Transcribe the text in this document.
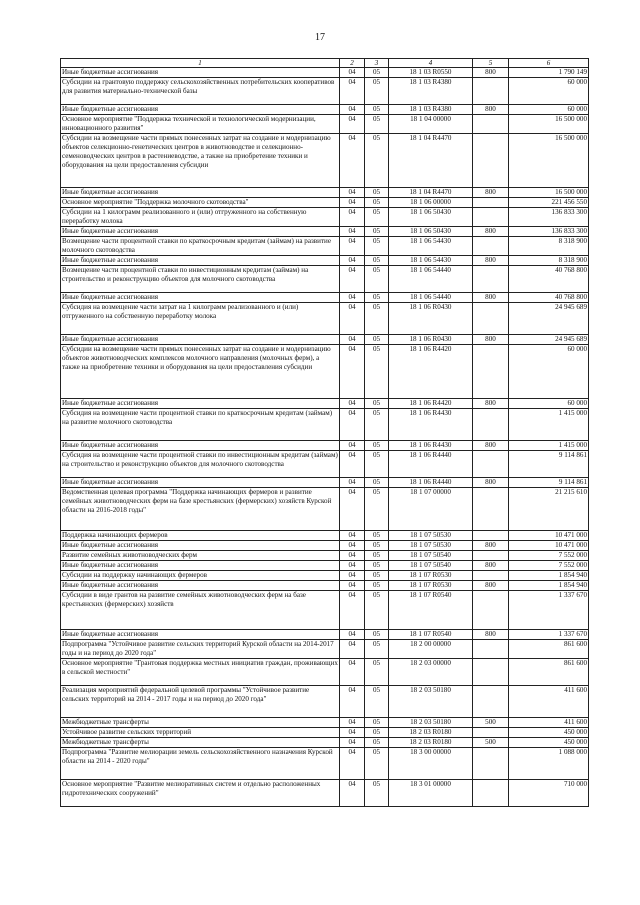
17
1	2	3	4	5	6
Иные бюджетные ассигнования	04	05	18 1 03 R0550	800	1 790 149
Субсидии на грантовую поддержку сельскохозяйственных потребительских кооперативов для развития материально-технической базы	04	05	18 1 03 R4380		60 000
Иные бюджетные ассигнования	04	05	18 1 03 R4380	800	60 000
Основное мероприятие "Поддержка технической и технологической модернизации, инновационного развития"	04	05	18 1 04 00000		16 500 000
Субсидии на возмещение части прямых понесенных затрат на создание и модернизацию объектов селекционно-генетических центров в животноводстве и селекционно-семеноводческих центров в растениеводстве, а также на приобретение техники и оборудования на цели предоставления субсидии	04	05	18 1 04 R4470		16 500 000
Иные бюджетные ассигнования	04	05	18 1 04 R4470	800	16 500 000
Основное мероприятие "Поддержка молочного скотоводства"	04	05	18 1 06 00000		221 456 550
Субсидии на 1 килограмм реализованного и (или) отгруженного на собственную переработку молока	04	05	18 1 06 50430		136 833 300
Иные бюджетные ассигнования	04	05	18 1 06 50430	800	136 833 300
Возмещение части процентной ставки по краткосрочным кредитам (займам) на развитие молочного скотоводства	04	05	18 1 06 54430		8 318 900
Иные бюджетные ассигнования	04	05	18 1 06 54430	800	8 318 900
Возмещение части процентной ставки по инвестиционным кредитам (займам) на строительство и реконструкцию объектов для молочного скотоводства	04	05	18 1 06 54440		40 768 800
Иные бюджетные ассигнования	04	05	18 1 06 54440	800	40 768 800
Субсидия на возмещение части затрат на 1 килограмм реализованного и (или) отгруженного на собственную переработку молока	04	05	18 1 06 R0430		24 945 689
Иные бюджетные ассигнования	04	05	18 1 06 R0430	800	24 945 689
Субсидии на возмещение части прямых понесенных затрат на создание и модернизацию объектов животноводческих комплексов молочного направления (молочных ферм), а также на приобретение техники и оборудования на цели предоставления субсидии	04	05	18 1 06 R4420		60 000
Иные бюджетные ассигнования	04	05	18 1 06 R4420	800	60 000
Субсидия на возмещение части процентной ставки по краткосрочным кредитам (займам) на развитие молочного скотоводства	04	05	18 1 06 R4430		1 415 000
Иные бюджетные ассигнования	04	05	18 1 06 R4430	800	1 415 000
Субсидия на возмещение части процентной ставки по инвестиционным кредитам (займам) на строительство и реконструкцию объектов для молочного скотоводства	04	05	18 1 06 R4440		9 114 861
Иные бюджетные ассигнования	04	05	18 1 06 R4440	800	9 114 861
Ведомственная целевая программа "Поддержка начинающих фермеров и развитие семейных животноводческих ферм на базе крестьянских (фермерских) хозяйств Курской области на 2016-2018 годы"	04	05	18 1 07 00000		21 215 610
Поддержка начинающих фермеров	04	05	18 1 07 50530		10 471 000
Иные бюджетные ассигнования	04	05	18 1 07 50530	800	10 471 000
Развитие семейных животноводческих ферм	04	05	18 1 07 50540		7 552 000
Иные бюджетные ассигнования	04	05	18 1 07 50540	800	7 552 000
Субсидии на поддержку начинающих фермеров	04	05	18 1 07 R0530		1 854 940
Иные бюджетные ассигнования	04	05	18 1 07 R0530	800	1 854 940
Субсидии в виде грантов на развитие семейных животноводческих ферм на базе крестьянских (фермерских) хозяйств	04	05	18 1 07 R0540		1 337 670
Иные бюджетные ассигнования	04	05	18 1 07 R0540	800	1 337 670
Подпрограмма "Устойчивое развитие сельских территорий Курской области на 2014-2017 годы и на период до 2020 года"	04	05	18 2 00 00000		861 600
Основное мероприятие "Грантовая поддержка местных инициатив граждан, проживающих в сельской местности"	04	05	18 2 03 00000		861 600
Реализация мероприятий федеральной целевой программы "Устойчивое развитие сельских территорий на 2014 - 2017 годы и на период до 2020 года"	04	05	18 2 03 50180		411 600
Межбюджетные трансферты	04	05	18 2 03 50180	500	411 600
Устойчивое развитие сельских территорий	04	05	18 2 03 R0180		450 000
Межбюджетные трансферты	04	05	18 2 03 R0180	500	450 000
Подпрограмма "Развитие мелиорации земель сельскохозяйственного назначения Курской области на 2014 - 2020 годы"	04	05	18 3 00 00000		1 088 000
Основное мероприятие "Развитие мелиоративных систем и отдельно расположенных гидротехнических сооружений"	04	05	18 3 01 00000		710 000
